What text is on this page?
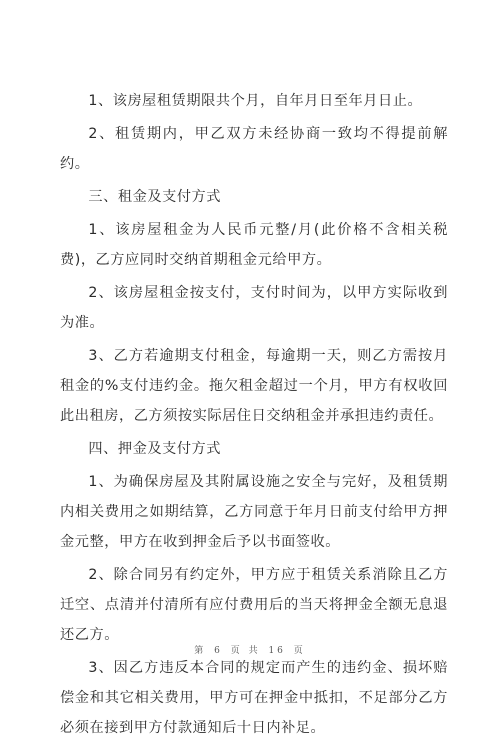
1、该房屋租赁期限共个月，自年月日至年月日止。

2、租赁期内，甲乙双方未经协商一致均不得提前解约。

三、租金及支付方式

1、该房屋租金为人民币元整/月(此价格不含相关税费)，乙方应同时交纳首期租金元给甲方。

2、该房屋租金按支付，支付时间为，以甲方实际收到为准。

3、乙方若逾期支付租金，每逾期一天，则乙方需按月租金的%支付违约金。拖欠租金超过一个月，甲方有权收回此出租房，乙方须按实际居住日交纳租金并承担违约责任。

四、押金及支付方式

1、为确保房屋及其附属设施之安全与完好，及租赁期内相关费用之如期结算，乙方同意于年月日前支付给甲方押金元整，甲方在收到押金后予以书面签收。

2、除合同另有约定外，甲方应于租赁关系消除且乙方迁空、点清并付清所有应付费用后的当天将押金全额无息退还乙方。

3、因乙方违反本合同的规定而产生的违约金、损坏赔偿金和其它相关费用，甲方可在押金中抵扣，不足部分乙方必须在接到甲方付款通知后十日内补足。

第 6 页 共 16 页
